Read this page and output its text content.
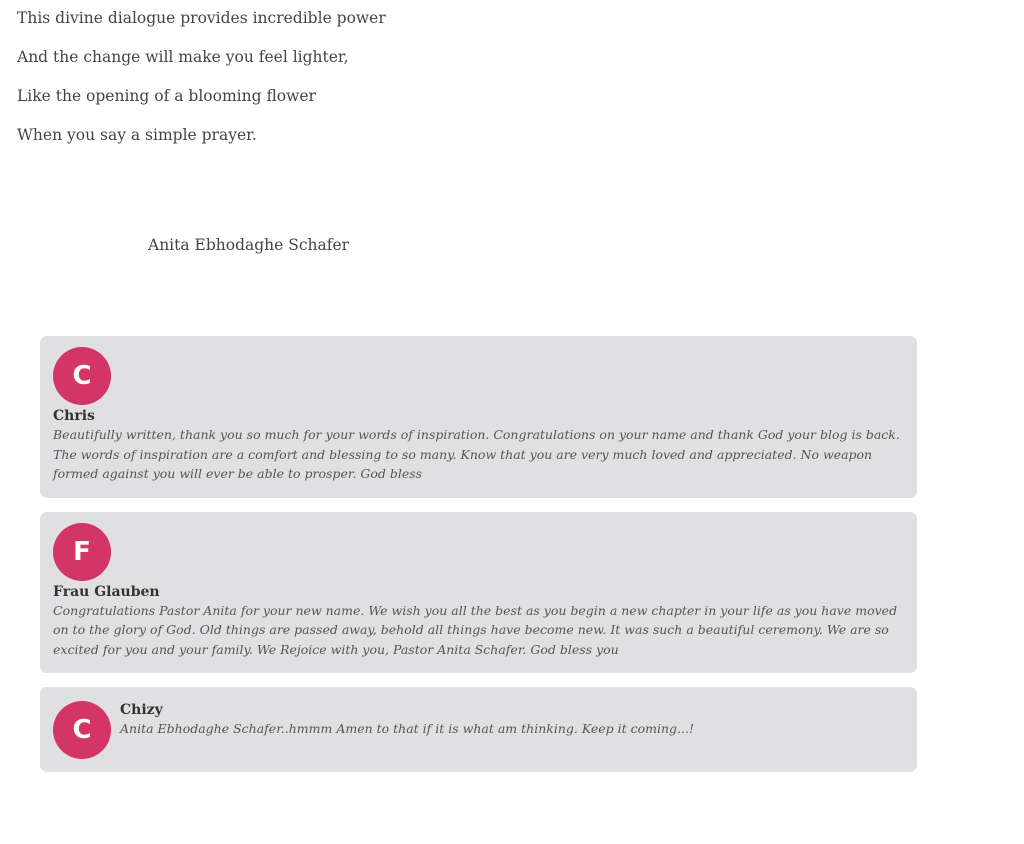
This divine dialogue provides incredible power

And the change will make you feel lighter,

Like the opening of a blooming flower

When you say a simple prayer.

Anita Ebhodaghe Schafer
C
Chris
Beautifully written, thank you so much for your words of inspiration. Congratulations on your name and thank God your blog is back. The words of inspiration are a comfort and blessing to so many. Know that you are very much loved and appreciated. No weapon formed against you will ever be able to prosper. God bless
F
Frau Glauben
Congratulations Pastor Anita for your new name. We wish you all the best as you begin a new chapter in your life as you have moved on to the glory of God. Old things are passed away, behold all things have become new. It was such a beautiful ceremony. We are so excited for you and your family. We Rejoice with you, Pastor Anita Schafer. God bless you
C
Chizy
Anita Ebhodaghe Schafer..hmmm Amen to that if it is what am thinking. Keep it coming...!
